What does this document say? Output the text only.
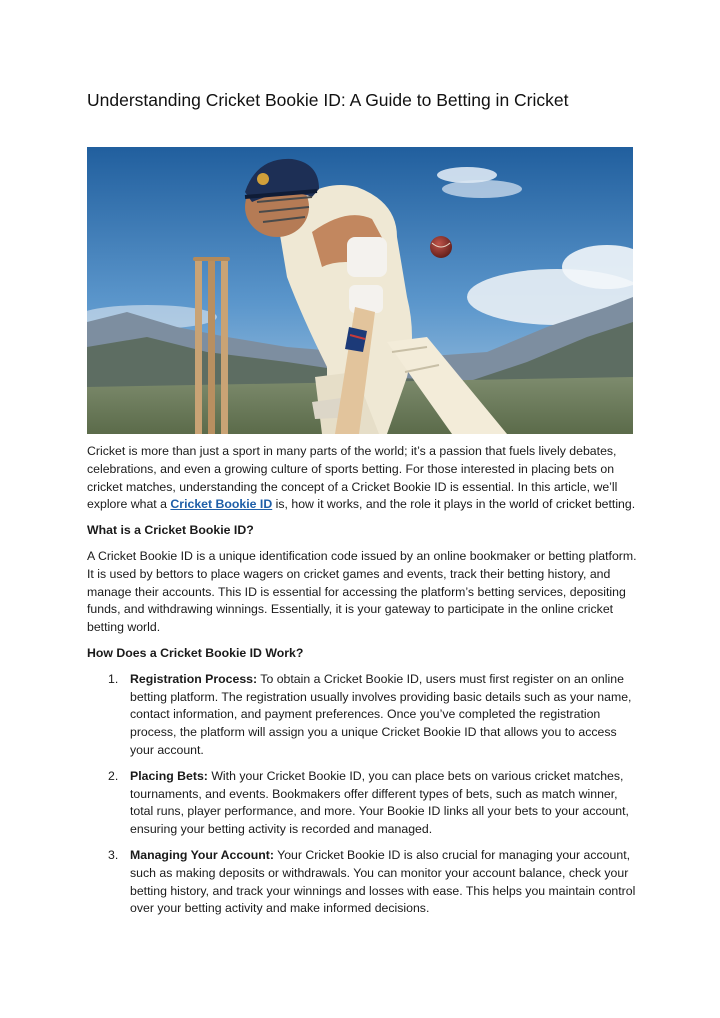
Understanding Cricket Bookie ID: A Guide to Betting in Cricket

Cricket is more than just a sport in many parts of the world; it’s a passion that fuels lively debates, celebrations, and even a growing culture of sports betting. For those interested in placing bets on cricket matches, understanding the concept of a Cricket Bookie ID is essential. In this article, we’ll explore what a Cricket Bookie ID is, how it works, and the role it plays in the world of cricket betting.

What is a Cricket Bookie ID?

A Cricket Bookie ID is a unique identification code issued by an online bookmaker or betting platform. It is used by bettors to place wagers on cricket games and events, track their betting history, and manage their accounts. This ID is essential for accessing the platform’s betting services, depositing funds, and withdrawing winnings. Essentially, it is your gateway to participate in the online cricket betting world.

How Does a Cricket Bookie ID Work?

1. Registration Process: To obtain a Cricket Bookie ID, users must first register on an online betting platform. The registration usually involves providing basic details such as your name, contact information, and payment preferences. Once you’ve completed the registration process, the platform will assign you a unique Cricket Bookie ID that allows you to access your account.
2. Placing Bets: With your Cricket Bookie ID, you can place bets on various cricket matches, tournaments, and events. Bookmakers offer different types of bets, such as match winner, total runs, player performance, and more. Your Bookie ID links all your bets to your account, ensuring your betting activity is recorded and managed.
3. Managing Your Account: Your Cricket Bookie ID is also crucial for managing your account, such as making deposits or withdrawals. You can monitor your account balance, check your betting history, and track your winnings and losses with ease. This helps you maintain control over your betting activity and make informed decisions.
